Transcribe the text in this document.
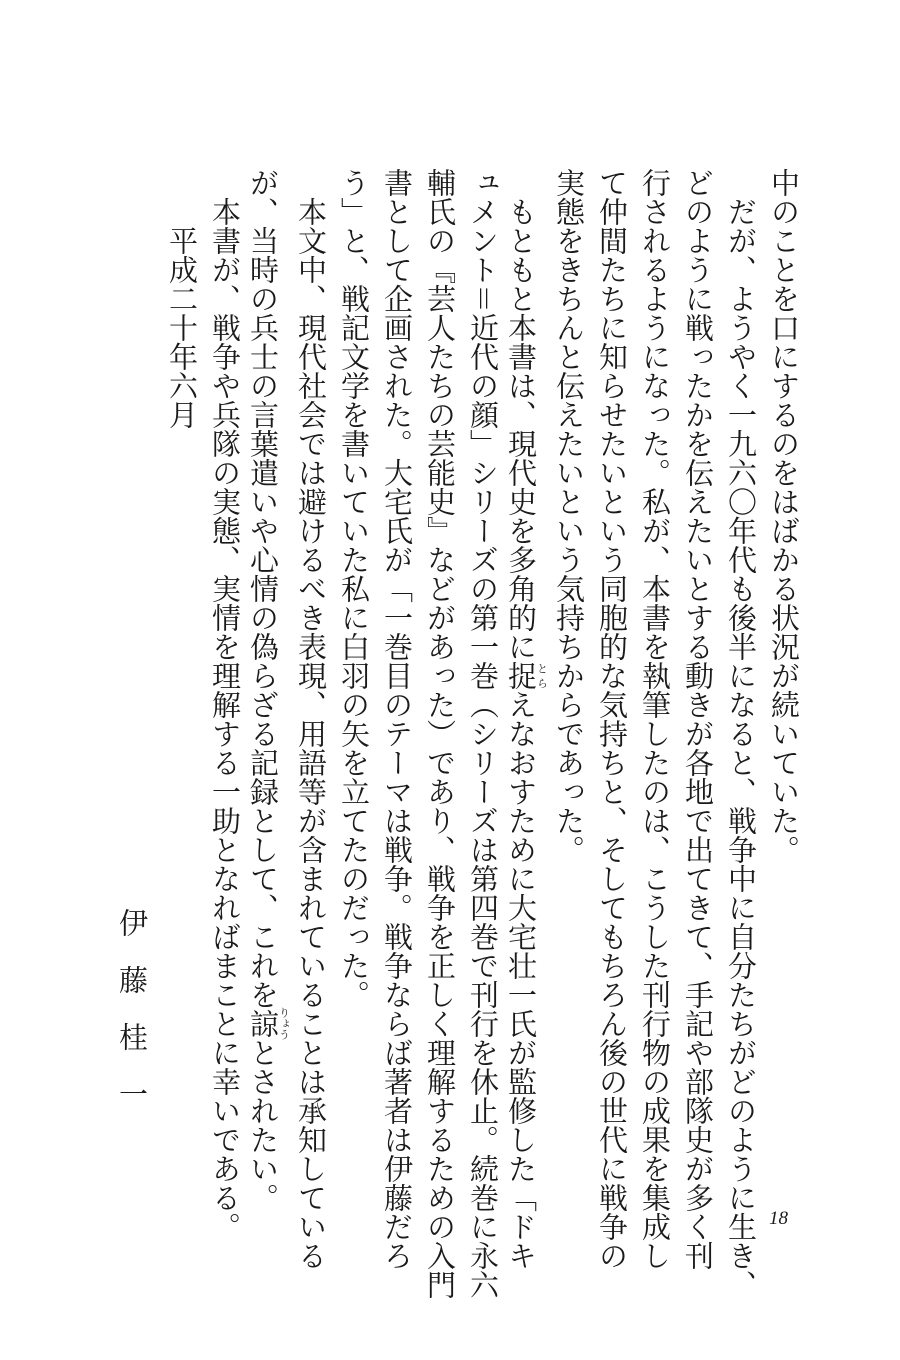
中のことを口にするのをはばかる状況が続いていた。
　だが、ようやく一九六〇年代も後半になると、戦争中に自分たちがどのように生き、
どのように戦ったかを伝えたいとする動きが各地で出てきて、手記や部隊史が多く刊
行されるようになった。私が、本書を執筆したのは、こうした刊行物の成果を集成し
て仲間たちに知らせたいという同胞的な気持ちと、そしてもちろん後の世代に戦争の
実態をきちんと伝えたいという気持ちからであった。
　もともと本書は、現代史を多角的に捉とらえなおすために大宅壮一氏が監修した「ドキ
ュメント＝近代の顔」シリーズの第一巻（シリーズは第四巻で刊行を休止。続巻に永六
輔氏の『芸人たちの芸能史』などがあった）であり、戦争を正しく理解するための入門
書として企画された。大宅氏が「一巻目のテーマは戦争。戦争ならば著者は伊藤だろ
う」と、戦記文学を書いていた私に白羽の矢を立てたのだった。
　本文中、現代社会では避けるべき表現、用語等が含まれていることは承知している
が、当時の兵士の言葉遣いや心情の偽らざる記録として、これを諒りょうとされたい。
　本書が、戦争や兵隊の実態、実情を理解する一助となればまことに幸いである。
　　平成二十年六月
伊藤桂一
18
